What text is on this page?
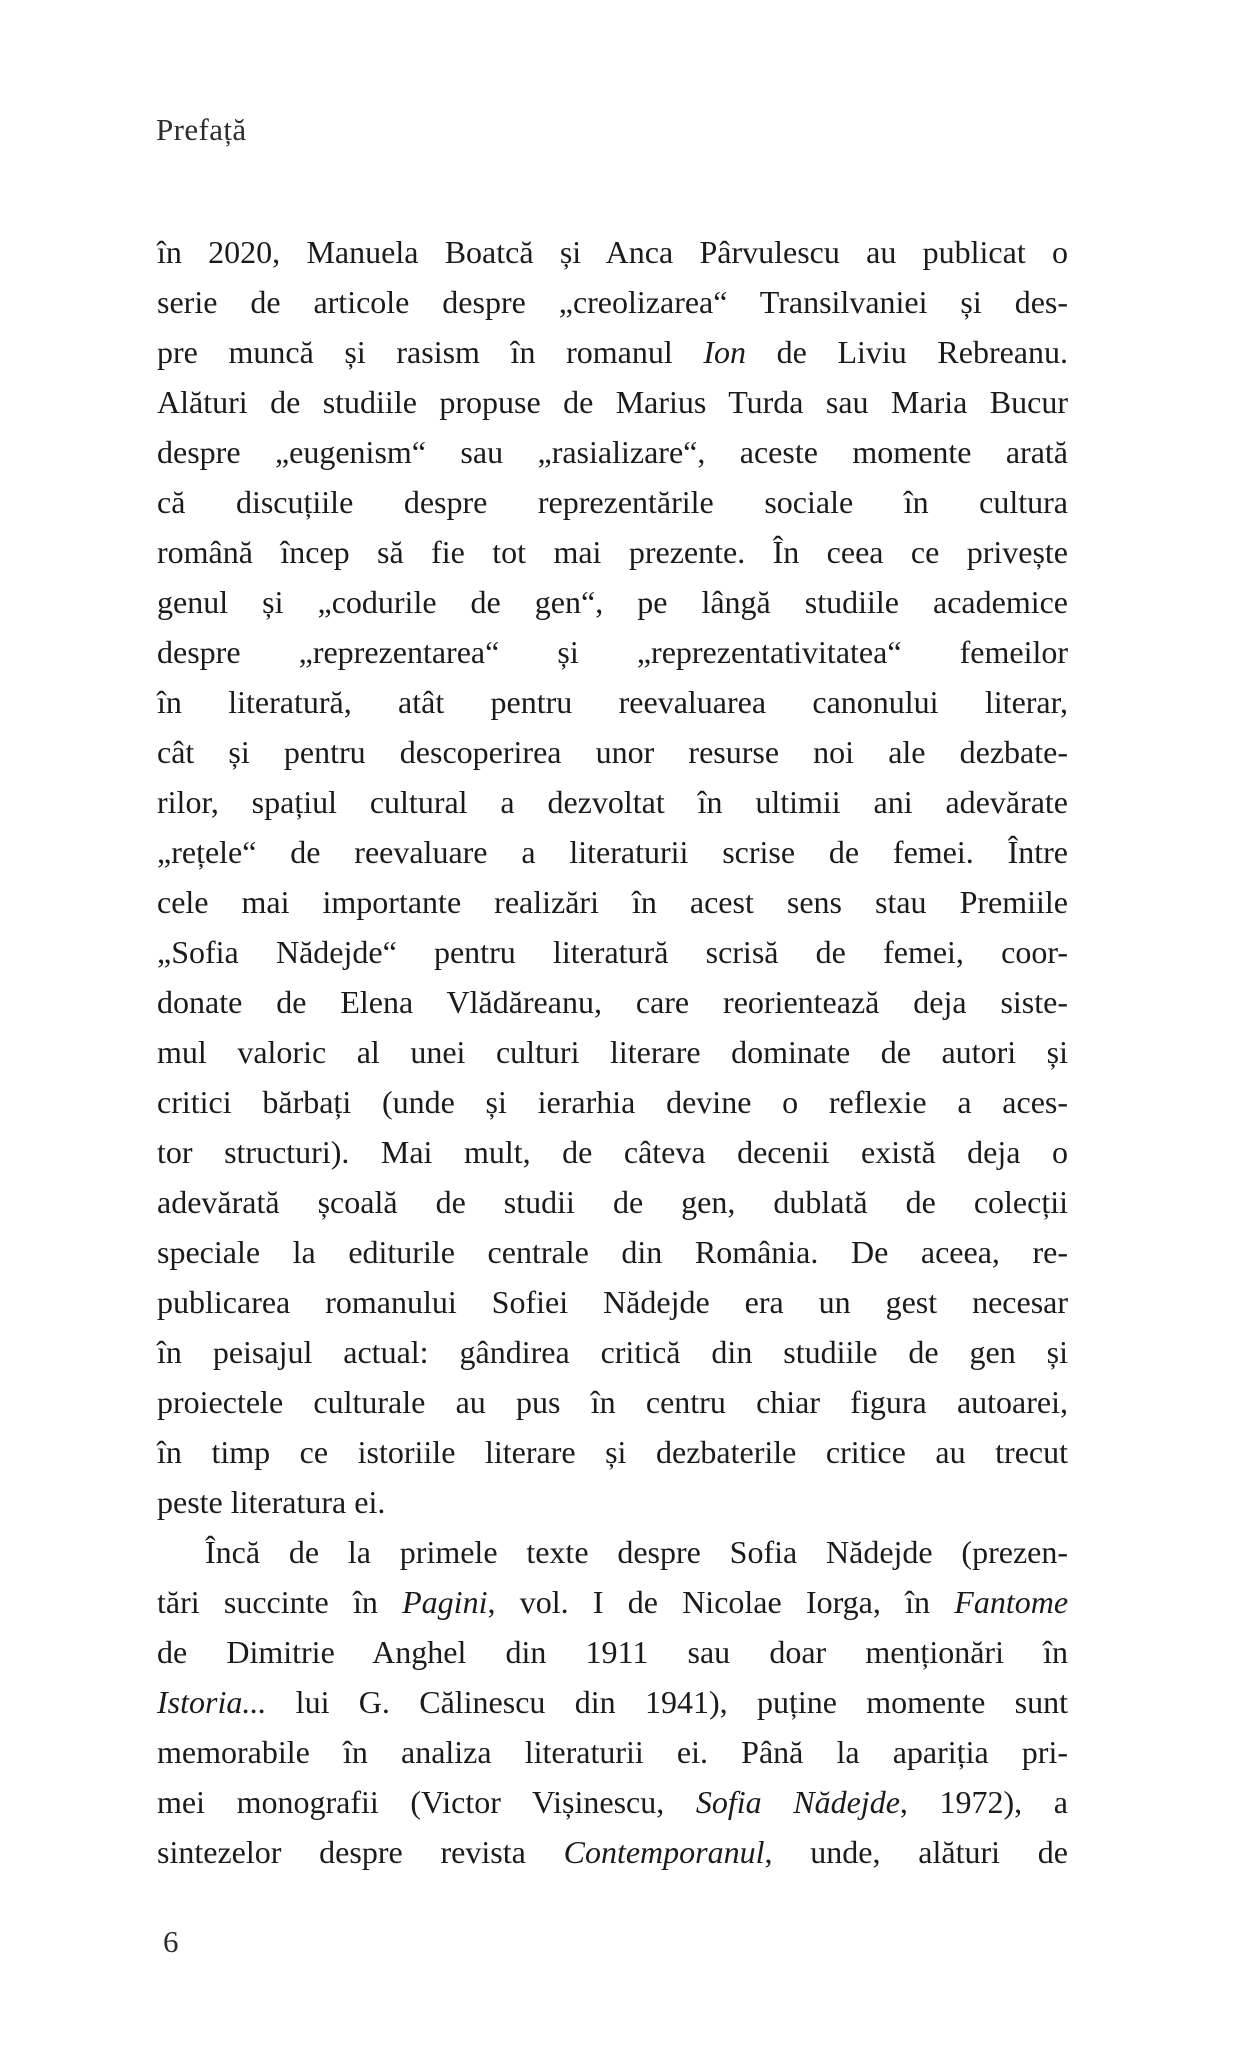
Prefață
în 2020, Manuela Boatcă și Anca Pârvulescu au publicat o
serie de articole despre „creolizarea“ Transilvaniei și des-
pre muncă și rasism în romanul Ion de Liviu Rebreanu.
Alături de studiile propuse de Marius Turda sau Maria Bucur
despre „eugenism“ sau „rasializare“, aceste momente arată
că discuțiile despre reprezentările sociale în cultura
română încep să fie tot mai prezente. În ceea ce privește
genul și „codurile de gen“, pe lângă studiile academice
despre „reprezentarea“ și „reprezentativitatea“ femeilor
în literatură, atât pentru reevaluarea canonului literar,
cât și pentru descoperirea unor resurse noi ale dezbate-
rilor, spațiul cultural a dezvoltat în ultimii ani adevărate
„rețele“ de reevaluare a literaturii scrise de femei. Între
cele mai importante realizări în acest sens stau Premiile
„Sofia Nădejde“ pentru literatură scrisă de femei, coor-
donate de Elena Vlădăreanu, care reorientează deja siste-
mul valoric al unei culturi literare dominate de autori și
critici bărbați (unde și ierarhia devine o reflexie a aces-
tor structuri). Mai mult, de câteva decenii există deja o
adevărată școală de studii de gen, dublată de colecții
speciale la editurile centrale din România. De aceea, re-
publicarea romanului Sofiei Nădejde era un gest necesar
în peisajul actual: gândirea critică din studiile de gen și
proiectele culturale au pus în centru chiar figura autoarei,
în timp ce istoriile literare și dezbaterile critice au trecut
peste literatura ei.
Încă de la primele texte despre Sofia Nădejde (prezen-
tări succinte în Pagini, vol. I de Nicolae Iorga, în Fantome
de Dimitrie Anghel din 1911 sau doar menționări în
Istoria... lui G. Călinescu din 1941), puține momente sunt
memorabile în analiza literaturii ei. Până la apariția pri-
mei monografii (Victor Vișinescu, Sofia Nădejde, 1972), a
sintezelor despre revista Contemporanul, unde, alături de
6
